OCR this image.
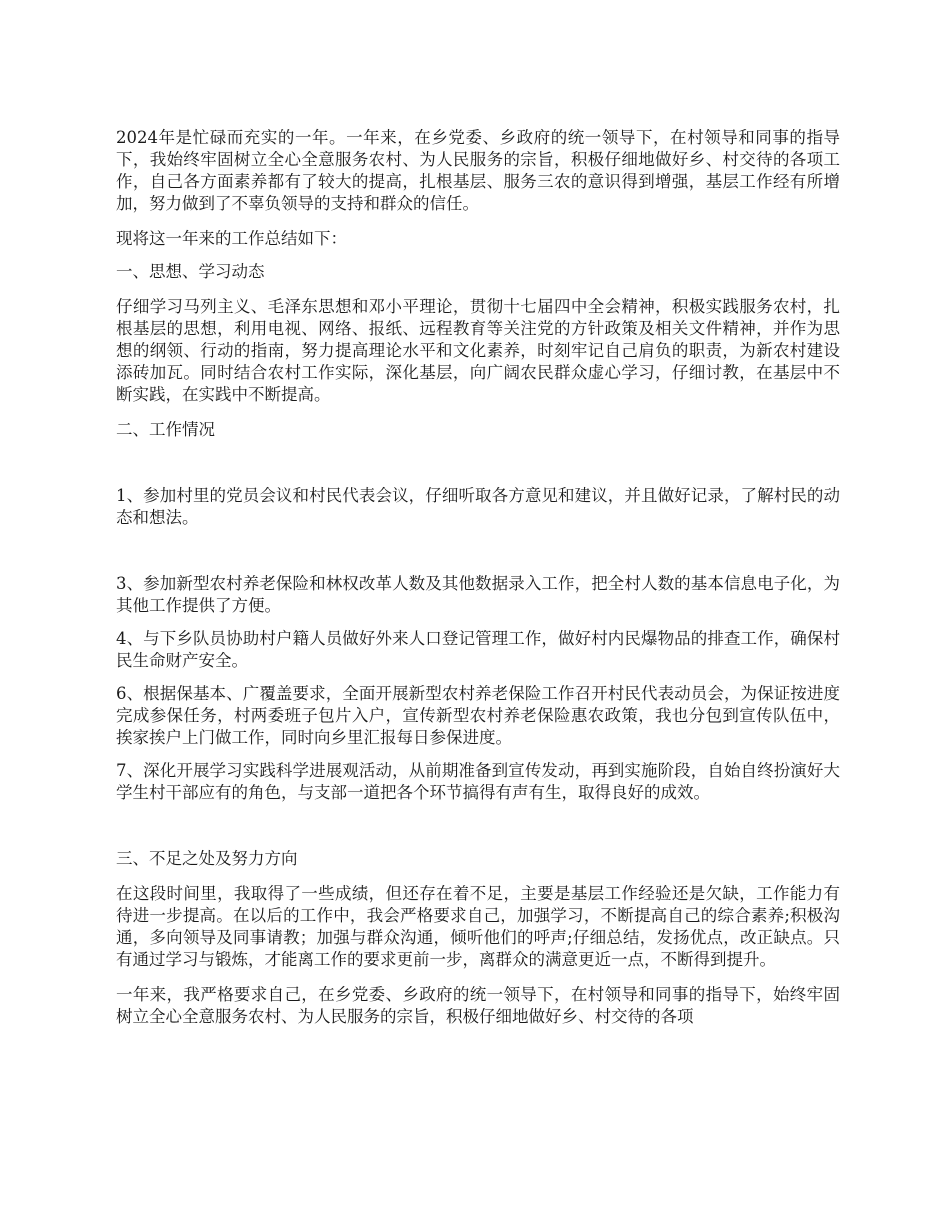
2024年是忙碌而充实的一年。一年来，在乡党委、乡政府的统一领导下，在村领导和同事的指导下，我始终牢固树立全心全意服务农村、为人民服务的宗旨，积极仔细地做好乡、村交待的各项工作，自己各方面素养都有了较大的提高，扎根基层、服务三农的意识得到增强，基层工作经有所增加，努力做到了不辜负领导的支持和群众的信任。

现将这一年来的工作总结如下：

一、思想、学习动态

仔细学习马列主义、毛泽东思想和邓小平理论，贯彻十七届四中全会精神，积极实践服务农村，扎根基层的思想，利用电视、网络、报纸、远程教育等关注党的方针政策及相关文件精神，并作为思想的纲领、行动的指南，努力提高理论水平和文化素养，时刻牢记自己肩负的职责，为新农村建设添砖加瓦。同时结合农村工作实际，深化基层，向广阔农民群众虚心学习，仔细讨教，在基层中不断实践，在实践中不断提高。

二、工作情况

1、参加村里的党员会议和村民代表会议，仔细听取各方意见和建议，并且做好记录，了解村民的动态和想法。

3、参加新型农村养老保险和林权改革人数及其他数据录入工作，把全村人数的基本信息电子化，为其他工作提供了方便。

4、与下乡队员协助村户籍人员做好外来人口登记管理工作，做好村内民爆物品的排查工作，确保村民生命财产安全。

6、根据保基本、广覆盖要求，全面开展新型农村养老保险工作召开村民代表动员会，为保证按进度完成参保任务，村两委班子包片入户，宣传新型农村养老保险惠农政策，我也分包到宣传队伍中，挨家挨户上门做工作，同时向乡里汇报每日参保进度。

7、深化开展学习实践科学进展观活动，从前期准备到宣传发动，再到实施阶段，自始自终扮演好大学生村干部应有的角色，与支部一道把各个环节搞得有声有生，取得良好的成效。

三、不足之处及努力方向

在这段时间里，我取得了一些成绩，但还存在着不足，主要是基层工作经验还是欠缺，工作能力有待进一步提高。在以后的工作中，我会严格要求自己，加强学习，不断提高自己的综合素养;积极沟通，多向领导及同事请教；加强与群众沟通，倾听他们的呼声;仔细总结，发扬优点，改正缺点。只有通过学习与锻炼，才能离工作的要求更前一步，离群众的满意更近一点，不断得到提升。

一年来，我严格要求自己，在乡党委、乡政府的统一领导下，在村领导和同事的指导下，始终牢固树立全心全意服务农村、为人民服务的宗旨，积极仔细地做好乡、村交待的各项
